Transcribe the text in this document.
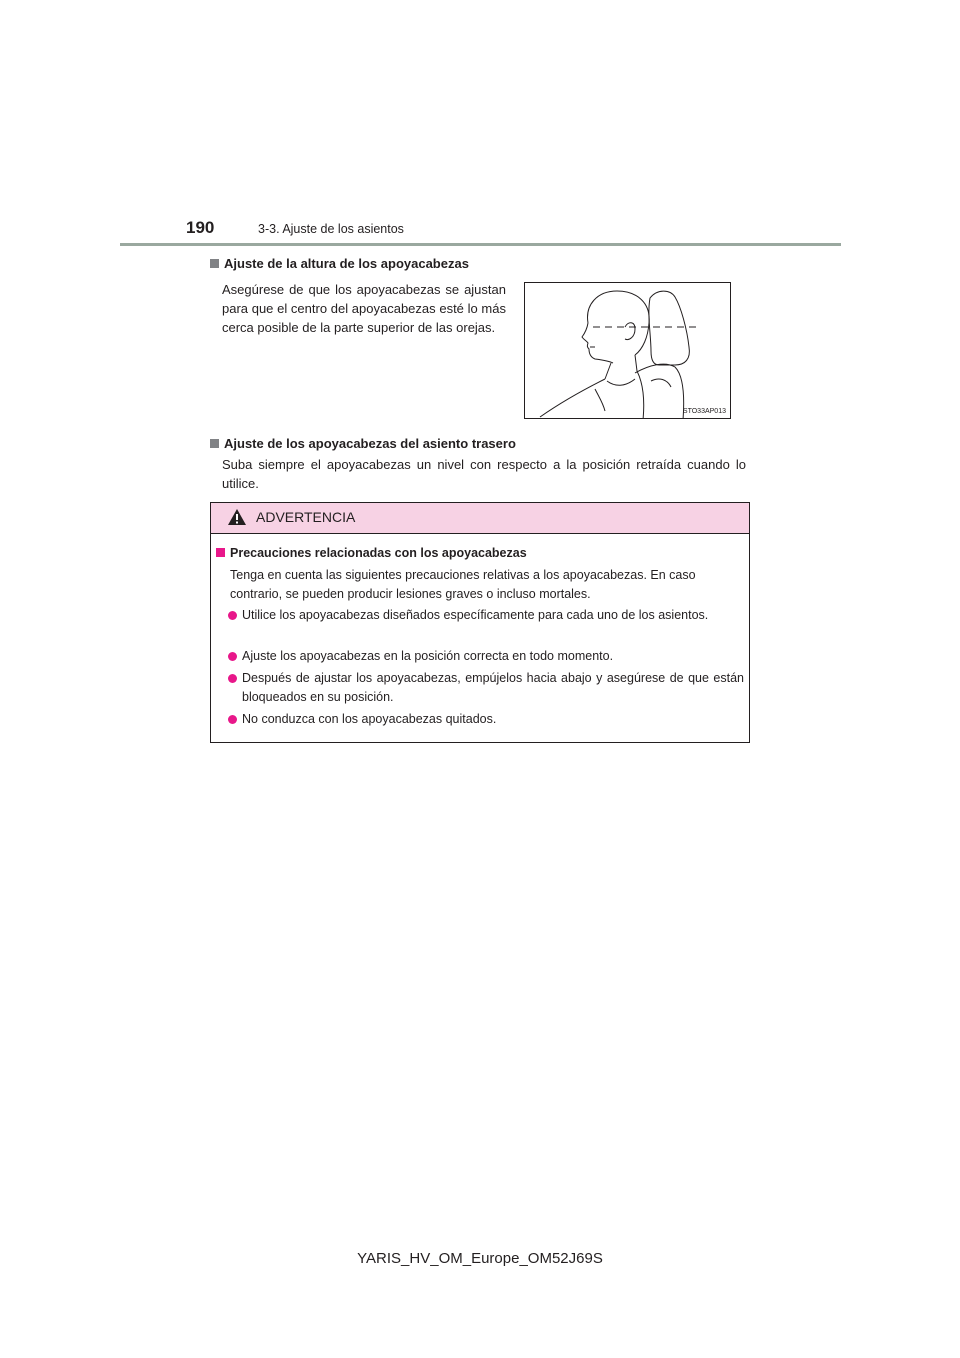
190	3-3. Ajuste de los asientos
Ajuste de la altura de los apoyacabezas
Asegúrese de que los apoyacabezas se ajustan para que el centro del apoyacabezas esté lo más cerca posible de la parte superior de las orejas.
STO33AP013
Ajuste de los apoyacabezas del asiento trasero
Suba siempre el apoyacabezas un nivel con respecto a la posición retraída cuando lo utilice.
ADVERTENCIA
Precauciones relacionadas con los apoyacabezas
Tenga en cuenta las siguientes precauciones relativas a los apoyacabezas. En caso contrario, se pueden producir lesiones graves o incluso mortales.
Utilice los apoyacabezas diseñados específicamente para cada uno de los asientos.
Ajuste los apoyacabezas en la posición correcta en todo momento.
Después de ajustar los apoyacabezas, empújelos hacia abajo y asegúrese de que están bloqueados en su posición.
No conduzca con los apoyacabezas quitados.
YARIS_HV_OM_Europe_OM52J69S
